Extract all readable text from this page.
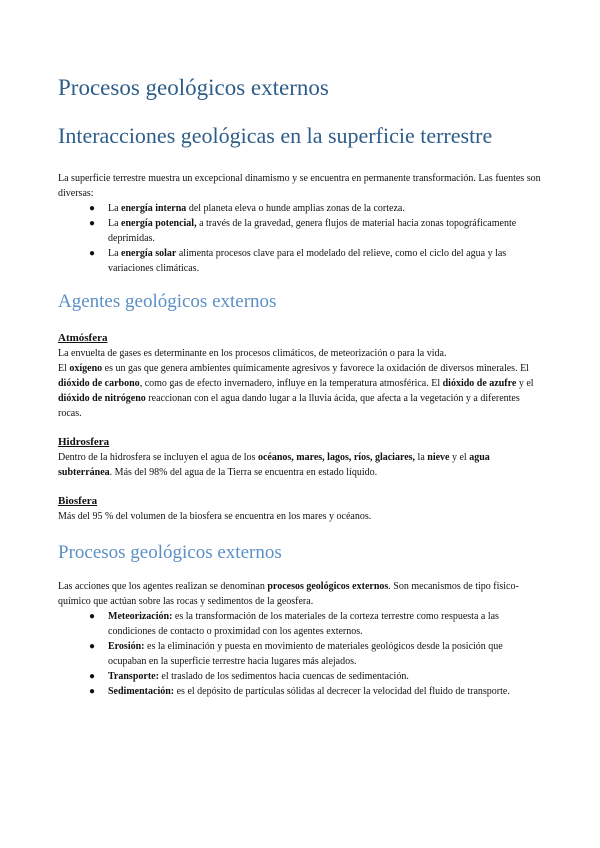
Procesos geológicos externos
Interacciones geológicas en la superficie terrestre

La superficie terrestre muestra un excepcional dinamismo y se encuentra en permanente transformación. Las fuentes son diversas:

● La energía interna del planeta eleva o hunde amplias zonas de la corteza.
● La energía potencial, a través de la gravedad, genera flujos de material hacia zonas topográficamente deprimidas.
● La energía solar alimenta procesos clave para el modelado del relieve, como el ciclo del agua y las variaciones climáticas.
Agentes geológicos externos

Atmósfera

La envuelta de gases es determinante en los procesos climáticos, de meteorización o para la vida.

El oxígeno es un gas que genera ambientes químicamente agresivos y favorece la oxidación de diversos minerales. El dióxido de carbono, como gas de efecto invernadero, influye en la temperatura atmosférica. El dióxido de azufre y el dióxido de nitrógeno reaccionan con el agua dando lugar a la lluvia ácida, que afecta a la vegetación y a diferentes rocas.

Hidrosfera

Dentro de la hidrosfera se incluyen el agua de los océanos, mares, lagos, ríos, glaciares, la nieve y el agua subterránea. Más del 98% del agua de la Tierra se encuentra en estado líquido.

Biosfera

Más del 95 % del volumen de la biosfera se encuentra en los mares y océanos.

Procesos geológicos externos

Las acciones que los agentes realizan se denominan procesos geológicos externos. Son mecanismos de tipo físico-químico que actúan sobre las rocas y sedimentos de la geosfera.

● Meteorización: es la transformación de los materiales de la corteza terrestre como respuesta a las condiciones de contacto o proximidad con los agentes externos.
● Erosión: es la eliminación y puesta en movimiento de materiales geológicos desde la posición que ocupaban en la superficie terrestre hacia lugares más alejados.
● Transporte: el traslado de los sedimentos hacia cuencas de sedimentación.
● Sedimentación: es el depósito de partículas sólidas al decrecer la velocidad del fluido de transporte.
